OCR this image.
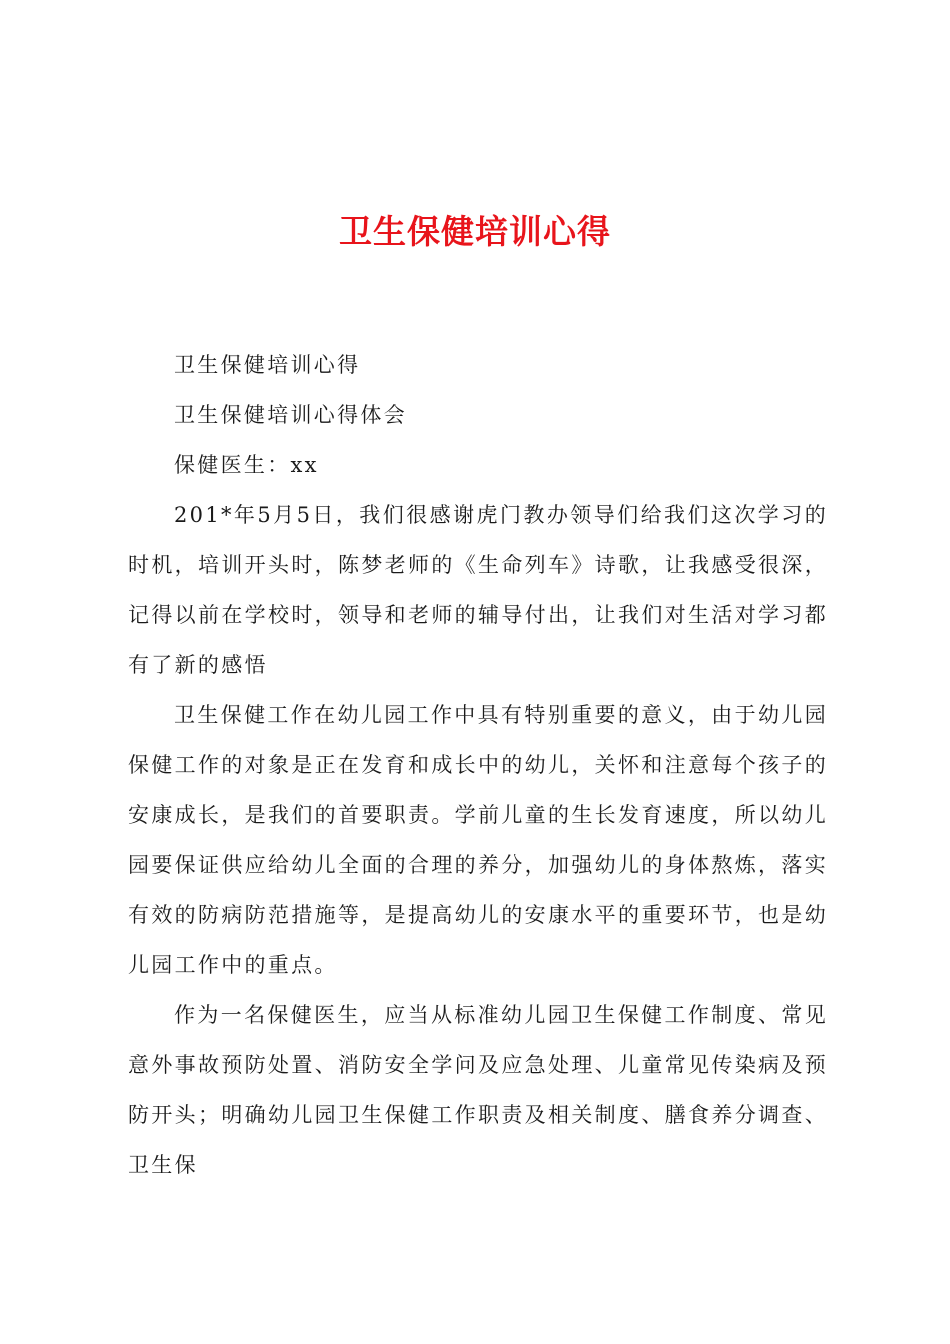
卫生保健培训心得

卫生保健培训心得

卫生保健培训心得体会

保健医生：xx

201*年5月5日，我们很感谢虎门教办领导们给我们这次学习的时机，培训开头时，陈梦老师的《生命列车》诗歌，让我感受很深，记得以前在学校时，领导和老师的辅导付出，让我们对生活对学习都有了新的感悟

卫生保健工作在幼儿园工作中具有特别重要的意义，由于幼儿园保健工作的对象是正在发育和成长中的幼儿，关怀和注意每个孩子的安康成长，是我们的首要职责。学前儿童的生长发育速度，所以幼儿园要保证供应给幼儿全面的合理的养分，加强幼儿的身体熬炼，落实有效的防病防范措施等，是提高幼儿的安康水平的重要环节，也是幼儿园工作中的重点。

作为一名保健医生，应当从标准幼儿园卫生保健工作制度、常见意外事故预防处置、消防安全学问及应急处理、儿童常见传染病及预防开头；明确幼儿园卫生保健工作职责及相关制度、膳食养分调查、卫生保
